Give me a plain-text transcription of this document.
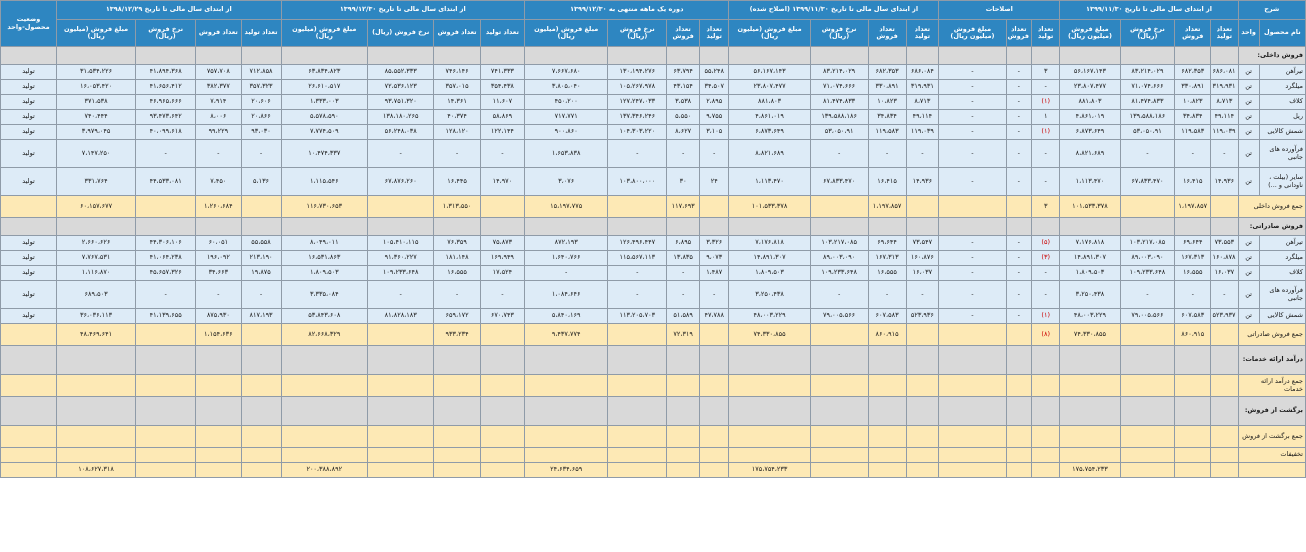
شرح		از ابتدای سال مالی تا تاریخ ۱۳۹۹/۱۱/۳۰				اصلاحات			از ابتدای سال مالی تا تاریخ ۱۳۹۹/۱۱/۳۰ (اصلاح شده)				دوره یک ماهه منتهی به ۱۳۹۹/۱۲/۳۰				از ابتدای سال مالی تا تاریخ ۱۳۹۹/۱۲/۳۰				از ابتدای سال مالی تا تاریخ ۱۳۹۸/۱۲/۲۹				وضعیت محصول-واحد
نام محصول	واحد	تعداد تولید	تعداد فروش	نرخ فروش (ریال)	مبلغ فروش (میلیون ریال)	تعداد تولید	تعداد فروش	مبلغ فروش (میلیون ریال)	تعداد تولید	تعداد فروش	نرخ فروش (ریال)	مبلغ فروش (میلیون ریال)	تعداد تولید	تعداد فروش	نرخ فروش (ریال)	مبلغ فروش (میلیون ریال)	تعداد تولید	تعداد فروش	نرخ فروش (ریال)	مبلغ فروش (میلیون ریال)	تعداد تولید	تعداد فروش	نرخ فروش (ریال)	مبلغ فروش (میلیون ریال)	
فروش داخلی:																									
تیرآهن	تن	۶۸۶،۰۸۱	۶۸۲،۳۵۳	۸۳،۲۱۴،۰۲۹	۵۶،۱۶۷،۱۴۳	۳	-	-	۶۸۶،۰۸۴	۶۸۲،۳۵۳	۸۳،۲۱۴،۰۲۹	۵۶،۱۶۷،۱۴۳	۵۵،۲۴۸	۶۳،۷۹۴	۱۳۰،۱۹۴،۲۷۶	۷،۶۶۷،۶۸۰	۷۴۱،۳۳۳	۷۴۶،۱۴۶	۸۵،۵۵۲،۳۳۳	۶۳،۸۳۴،۸۲۳	۷۱۲،۸۵۸	۷۵۷،۷۰۸	۴۱،۸۹۴،۳۶۸	۳۱،۵۳۴،۲۲۶	تولید
میلگرد	تن	۳۱۹،۹۳۱	۳۳۰،۸۹۱	۷۱،۰۷۴،۶۶۶	۲۳،۸۰۷،۴۷۷	-	-	-	۳۱۹،۹۳۱	۳۳۰،۸۹۱	۷۱،۰۷۴،۶۶۶	۲۳،۸۰۷،۴۷۷	۳۴،۵۰۷	۴۳،۱۵۴	۱۰۵،۲۶۷،۹۷۸	۳،۸۰۵،۰۴۰	۳۵۴،۴۳۸	۳۵۷،۰۱۵	۷۲،۵۳۶،۱۲۳	۲۶،۶۱۰،۵۱۷	۳۵۷،۳۲۳	۳۸۲،۳۷۷	۴۱،۶۵۶،۴۱۲	۱۶،۰۵۳،۴۲۰	تولید
کلاف	تن	۸،۷۱۳	۱۰،۸۲۳	۸۱،۴۷۴،۸۳۳	۸۸۱،۸۰۳	(۱)	-	-	۸،۷۱۳	۱۰،۸۲۳	۸۱،۴۷۴،۸۳۳	۸۸۱،۸۰۳	۲،۸۹۵	۳،۵۳۸	۱۲۷،۲۴۷،۰۳۳	۴۵۰،۲۰۰	۱۱،۶۰۷	۱۴،۳۶۱	۹۳،۷۵۱،۳۲۰	۱،۳۳۳،۰۰۳	۲۰،۶۰۶	۷،۹۱۴	۴۶،۹۶۵،۶۶۶	۳۷۱،۵۳۸	تولید
ریل	تن	۴۹،۱۱۴	۳۴،۸۳۴	۱۳۹،۵۸۸،۱۸۶	۴،۸۶۱،۰۱۹	۱	-	-	۴۹،۱۱۴	۳۴،۸۳۴	۱۳۹،۵۸۸،۱۸۶	۴،۸۶۱،۰۱۹	۹،۷۵۵	۵،۵۵۰	۱۳۷،۳۴۶،۲۴۶	۷۱۷،۷۷۱	۵۸،۸۶۹	۴۰،۳۷۴	۱۳۸،۱۸۰،۲۶۵	۵،۵۷۸،۵۹۰	۲۰،۸۶۶	۸،۰۰۶	۹۳،۴۷۳،۶۴۲	۷۴۰،۴۴۴	تولید
شمش کالایی	تن	۱۱۹،۰۳۹	۱۱۹،۵۸۳	۵۳،۰۵۰،۹۱	۶،۸۷۳،۶۴۹	(۱)	-	-	۱۱۹،۰۳۹	۱۱۹،۵۸۳	۵۳،۰۵۰،۹۱	۶،۸۷۳،۶۴۹	۳،۱۰۵	۸،۶۲۷	۱۰۴،۳۰۳،۲۲۰	۹۰۰،۸۶۰	۱۲۲،۱۴۴	۱۲۸،۱۲۰	۵۶،۲۴۸،۰۳۸	۷،۷۷۴،۵۰۹	۹۳،۰۳۰	۹۹،۲۲۹	۴۰،۰۹۹،۶۱۸	۳،۹۷۹،۰۴۵	تولید
فرآورده های جانبی	تن	-	-	-	۸،۸۲۱،۶۸۹	-	-	-	-	-	-	۸،۸۲۱،۶۸۹	-	-	-	۱،۶۵۳،۸۳۸	-	-	-	۱۰،۴۷۴،۳۳۷	-	-	-	۷،۱۴۷،۲۵۰	تولید
سایر (بیلت ، ناودانی و ...)	تن	۱۴،۹۳۶	۱۶،۴۱۵	۶۷،۸۳۳،۴۷۰	۱،۱۱۳،۴۷۰	-	-	-	۱۴،۹۳۶	۱۶،۴۱۵	۶۷،۸۳۳،۴۷۰	۱،۱۱۳،۴۷۰	۲۴	۳۰	۱۰۳،۸۰۰،۰۰۰	۳،۰۷۶	۱۴،۹۷۰	۱۶،۴۴۵	۶۷،۸۷۶،۲۶۰	۱،۱۱۵،۵۴۶	۵،۱۳۶	۷،۴۵۰	۴۴،۵۳۳،۰۸۱	۳۳۱،۷۶۴	تولید
جمع فروش داخلی			۱،۱۹۷،۸۵۷		۱۰۱،۵۳۳،۳۷۸	۳				۱،۱۹۷،۸۵۷		۱۰۱،۵۳۳،۳۷۸		۱۱۷،۶۹۳		۱۵،۱۹۷،۷۷۵		۱،۳۱۳،۵۵۰		۱۱۶،۷۳۰،۶۵۳		۱،۲۶۰،۶۸۴		۶۰،۱۵۷،۶۷۷	
فروش صادراتی:																									
تیرآهن	تن	۷۳،۵۵۳	۶۹،۶۴۴	۱۰۳،۲۱۷،۰۸۵	۷،۱۷۶،۸۱۸	(۵)	-	-	۷۳،۵۴۷	۶۹،۶۴۴	۱۰۳،۲۱۷،۰۸۵	۷،۱۷۶،۸۱۸	۳،۳۲۶	۶،۸۹۵	۱۲۶،۴۹۶،۴۴۷	۸۷۲،۱۹۳	۷۵،۸۷۳	۷۶،۳۵۹	۱۰۵،۴۱۰،۱۱۵	۸،۰۴۹،۰۱۱	۵۵،۵۵۸	۶۰،۰۵۱	۴۴،۳۰۶،۱۰۶	۲،۶۶۰،۶۲۶	تولید
میلگرد	تن	۱۶۰،۸۷۸	۱۶۷،۳۱۳	۸۹،۰۰۳،۰۹۰	۱۴،۸۹۱،۳۰۷	(۳)	-	-	۱۶۰،۸۷۶	۱۶۷،۳۱۳	۸۹،۰۰۳،۰۹۰	۱۴،۸۹۱،۳۰۷	۹،۰۷۳	۱۳،۸۳۵	۱۱۵،۵۶۷،۱۱۳	۱،۶۴۰،۷۶۶	۱۶۹،۹۴۹	۱۸۱،۱۴۸	۹۱،۳۶۰،۲۲۷	۱۶،۵۳۱،۸۶۳	۲۱۳،۱۹۰	۱۹۶،۰۹۲	۴۱،۰۶۴،۲۳۸	۷،۷۶۷،۵۳۱	تولید
کلاف	تن	۱۶،۰۳۷	۱۶،۵۵۵	۱۰۹،۲۳۳،۶۴۸	۱،۸۰۹،۵۰۳	-	-	-	۱۶،۰۳۷	۱۶،۵۵۵	۱۰۹،۲۳۳،۶۴۸	۱،۸۰۹،۵۰۳	۱،۴۸۷	-	-	-	۱۷،۵۲۴	۱۶،۵۵۵	۱۰۹،۲۳۳،۶۴۸	۱،۸۰۹،۵۰۳	۱۹،۸۷۵	۳۴،۶۶۳	۴۵،۶۵۷،۳۲۶	۱،۱۱۶،۸۷۰	تولید
فرآورده های جانبی	تن	-	-	-	۳،۲۵۰،۴۳۸	-	-	-	-	-	-	۳،۲۵۰،۴۳۸	-	-	-	۱،۰۸۴،۶۴۶	-	-	-	۳،۳۳۵،۰۸۴	-	-	-	۶۸۹،۵۰۳	تولید
شمش کالایی	تن	۵۲۳،۹۳۷	۶۰۷،۵۸۳	۷۹،۰۰۵،۵۶۶	۴۸،۰۰۳،۲۲۹	(۱)	-	-	۵۲۳،۹۳۶	۶۰۷،۵۸۳	۷۹،۰۰۵،۵۶۶	۴۸،۰۰۳،۲۲۹	۴۷،۷۸۸	۵۱،۵۸۹	۱۱۳،۲۰۵،۷۰۳	۵،۸۴۰،۱۶۹	۶۷۰،۷۴۳	۶۵۹،۱۷۲	۸۱،۸۲۸،۱۸۳	۵۳،۸۴۳،۶۰۸	۸۱۷،۱۹۳	۸۷۵،۹۳۰	۴۱،۱۳۹،۶۵۵	۳۶،۰۳۶،۱۱۳	تولید
جمع فروش صادراتی			۸۶۰،۹۱۵		۷۴،۳۳۰،۸۵۵	(۸)				۸۶۰،۹۱۵		۷۴،۳۳۰،۸۵۵		۷۲،۳۱۹		۹،۴۳۷،۷۷۴		۹۳۳،۲۳۴		۸۲،۶۶۸،۳۲۹		۱،۱۵۴،۶۳۶		۴۸،۴۶۹،۶۴۱	
درآمد ارائه خدمات:																									
جمع درآمد ارائه خدمات																									
برگشت از فروش:																									
جمع برگشت از فروش																									
تخفیفات																									
					۱۷۵،۷۵۴،۲۳۳							۱۷۵،۷۵۴،۲۳۳				۲۴،۶۳۴،۶۵۹				۲۰۰،۳۸۸،۸۹۲				۱۰۸،۶۲۷،۳۱۸	
